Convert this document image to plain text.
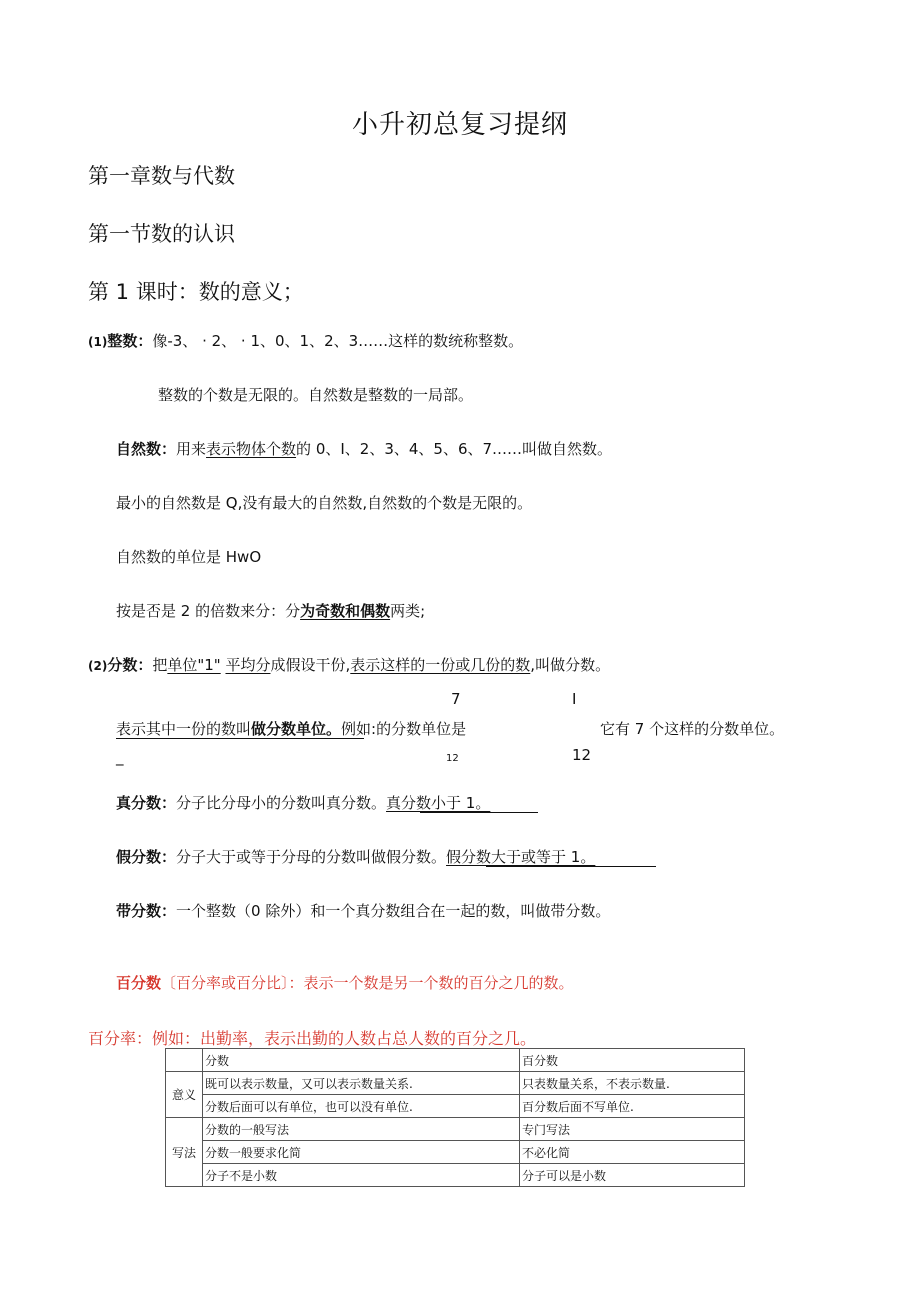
小升初总复习提纲
第一章数与代数
第一节数的认识
第 1 课时：数的意义；
(1)整数：像-3、 · 2、 · 1、0、1、2、3……这样的数统称整数。
整数的个数是无限的。自然数是整数的一局部。
自然数：用来表示物体个数的 0、I、2、3、4、5、6、7……叫做自然数。
最小的自然数是 Q,没有最大的自然数,自然数的个数是无限的。
自然数的单位是 HwO
按是否是 2 的倍数来分：分为奇数和偶数两类;
(2)分数：把单位"1" 平均分成假设干份,表示这样的一份或几份的数,叫做分数。
7	I
表示其中一份的数叫做分数单位。例如:的分数单位是	它有 7 个这样的分数单位。
_	12	12
真分数：分子比分母小的分数叫真分数。真分数小于 1。
假分数：分子大于或等于分母的分数叫做假分数。假分数大于或等于 1。
带分数：一个整数（0 除外）和一个真分数组合在一起的数，叫做带分数。
百分数〔百分率或百分比〕：表示一个数是另一个数的百分之几的数。
百分率：例如：出勤率，表示出勤的人数占总人数的百分之几。
	分数	百分数
意义	既可以表示数量，又可以表示数量关系.	只表数量关系，不表示数量.
	分数后面可以有单位，也可以没有单位.	百分数后面不写单位.
写法	分数的一般写法	专门写法
	分数一般要求化简	不必化简
	分子不是小数	分子可以是小数
